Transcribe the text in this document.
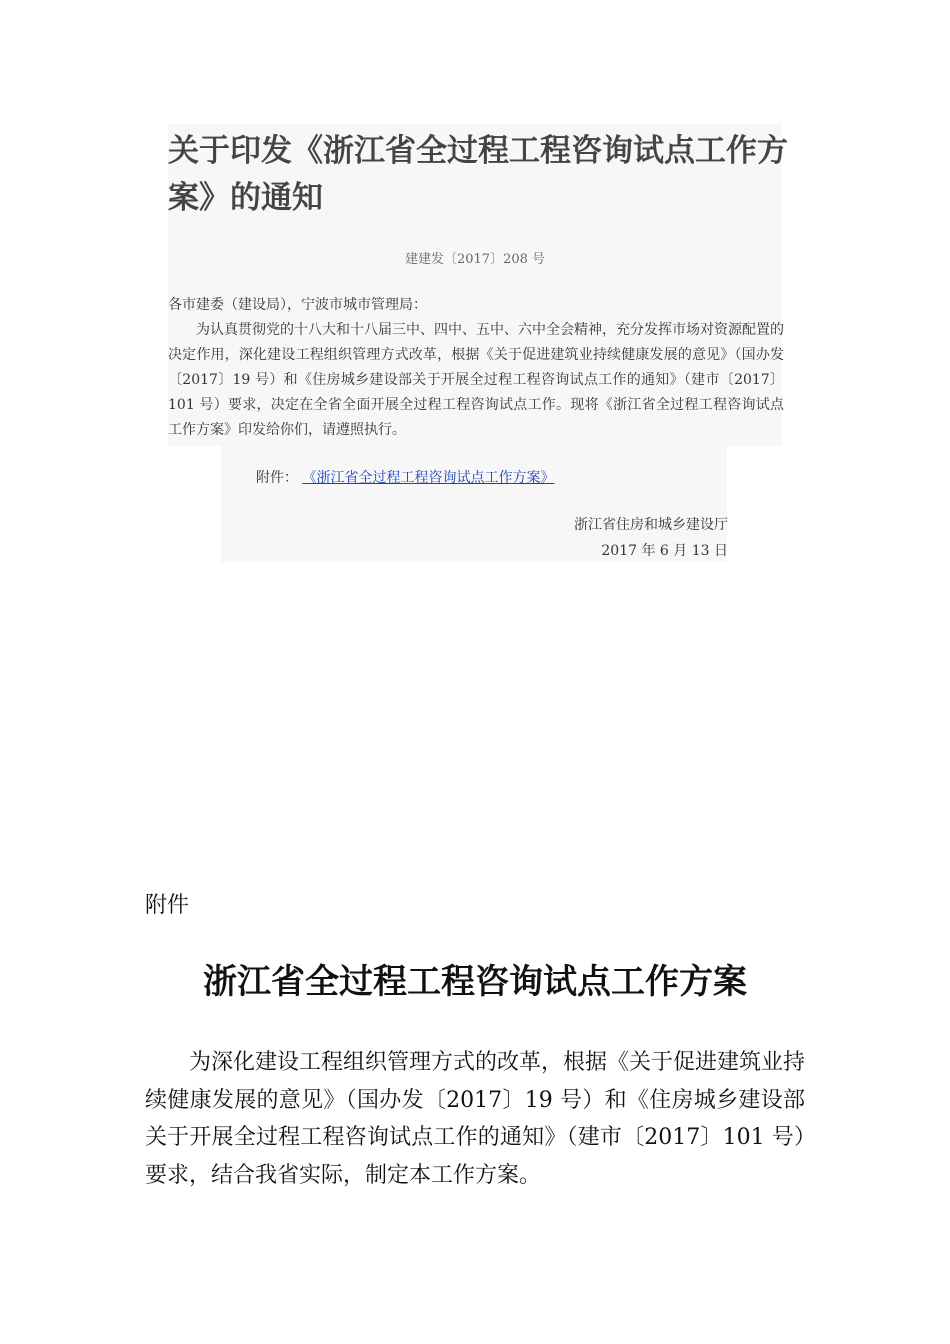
关于印发《浙江省全过程工程咨询试点工作方案》的通知
建建发〔2017〕208 号
各市建委（建设局），宁波市城市管理局：

为认真贯彻党的十八大和十八届三中、四中、五中、六中全会精神，充分发挥市场对资源配置的决定作用，深化建设工程组织管理方式改革，根据《关于促进建筑业持续健康发展的意见》（国办发〔2017〕19 号）和《住房城乡建设部关于开展全过程工程咨询试点工作的通知》（建市〔2017〕101 号）要求，决定在全省全面开展全过程工程咨询试点工作。现将《浙江省全过程工程咨询试点工作方案》印发给你们，请遵照执行。

附件： 《浙江省全过程工程咨询试点工作方案》
浙江省住房和城乡建设厅
2017 年 6 月 13 日
附件
浙江省全过程工程咨询试点工作方案

为深化建设工程组织管理方式的改革，根据《关于促进建筑业持续健康发展的意见》（国办发〔2017〕19 号）和《住房城乡建设部关于开展全过程工程咨询试点工作的通知》（建市〔2017〕101 号）要求，结合我省实际，制定本工作方案。
